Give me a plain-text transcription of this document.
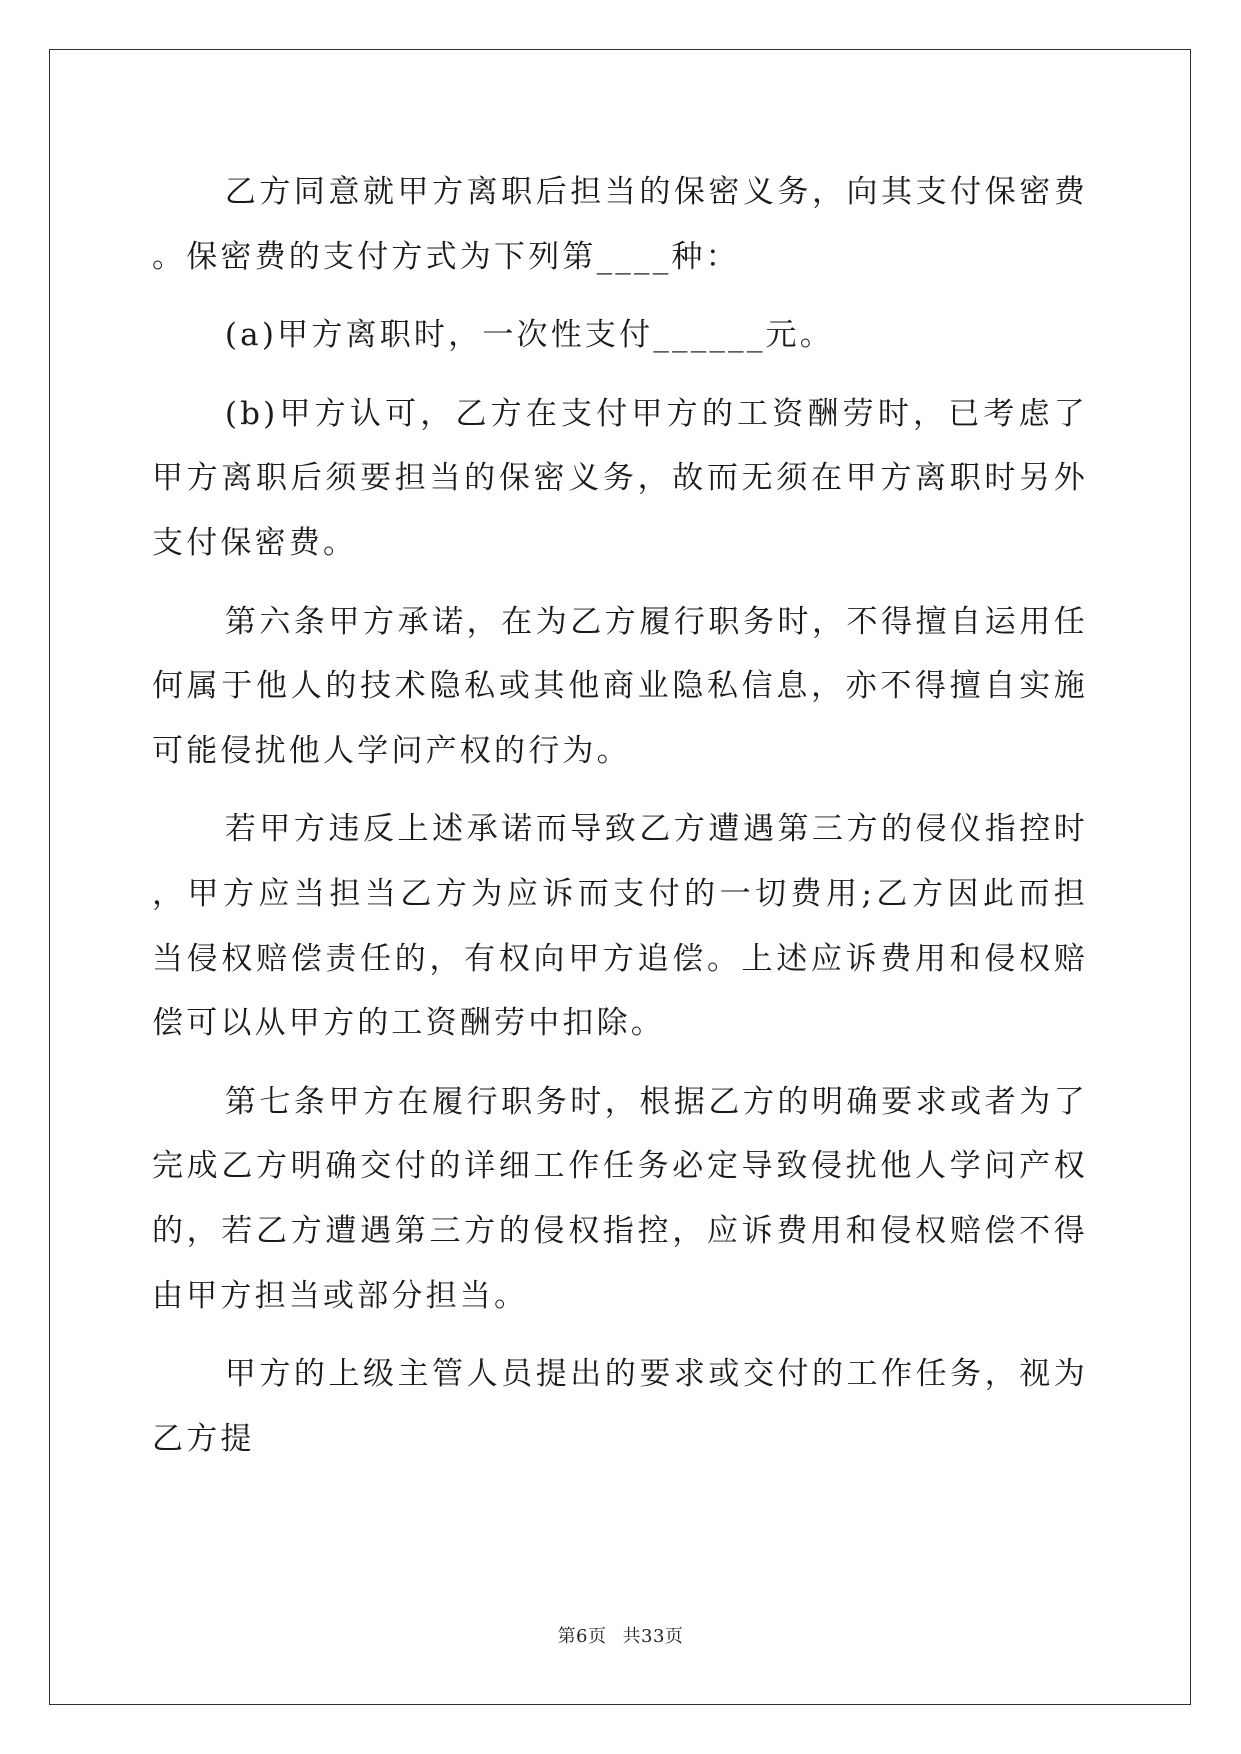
乙方同意就甲方离职后担当的保密义务，向其支付保密费。保密费的支付方式为下列第____种：

(a)甲方离职时，一次性支付______元。

(b)甲方认可，乙方在支付甲方的工资酬劳时，已考虑了甲方离职后须要担当的保密义务，故而无须在甲方离职时另外支付保密费。

第六条甲方承诺，在为乙方履行职务时，不得擅自运用任何属于他人的技术隐私或其他商业隐私信息，亦不得擅自实施可能侵扰他人学问产权的行为。

若甲方违反上述承诺而导致乙方遭遇第三方的侵仪指控时，甲方应当担当乙方为应诉而支付的一切费用;乙方因此而担当侵权赔偿责任的，有权向甲方追偿。上述应诉费用和侵权赔偿可以从甲方的工资酬劳中扣除。

第七条甲方在履行职务时，根据乙方的明确要求或者为了完成乙方明确交付的详细工作任务必定导致侵扰他人学问产权的，若乙方遭遇第三方的侵权指控，应诉费用和侵权赔偿不得由甲方担当或部分担当。

甲方的上级主管人员提出的要求或交付的工作任务，视为乙方提

第6页 共33页
